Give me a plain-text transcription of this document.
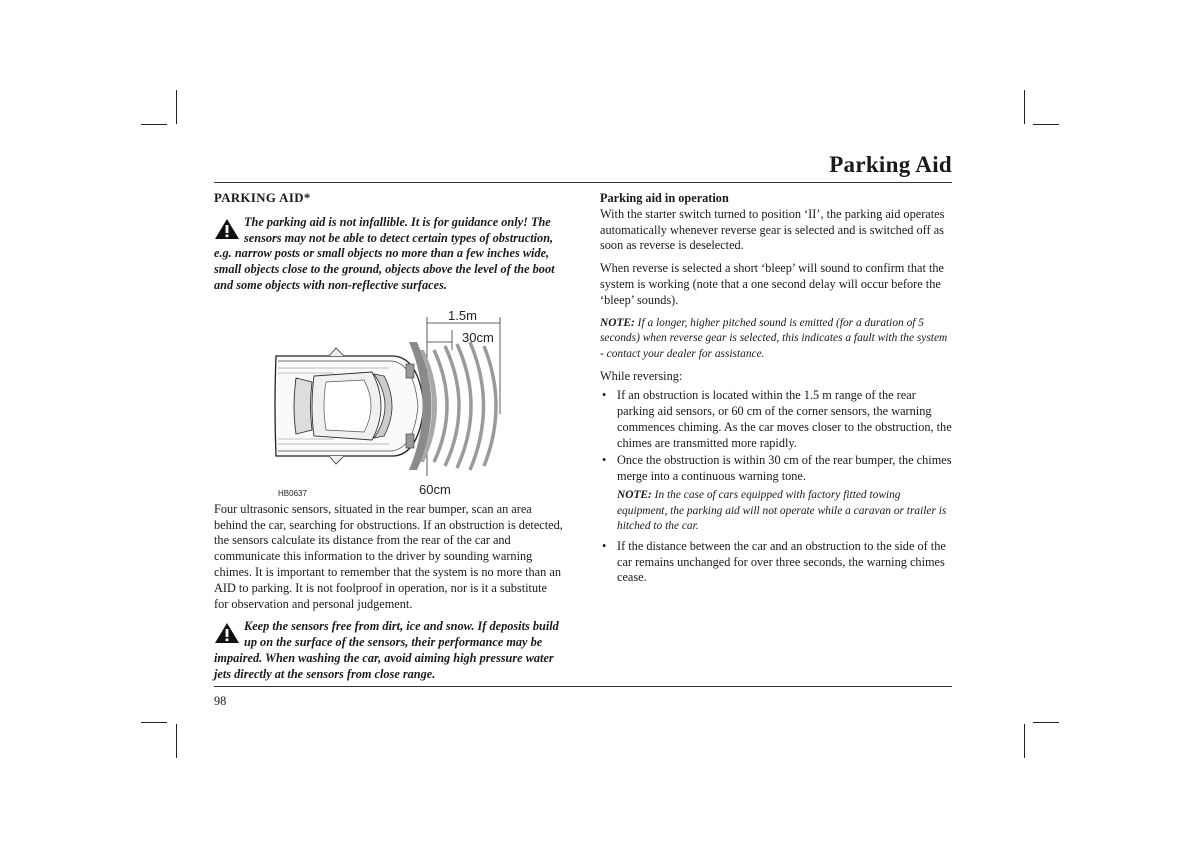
Parking Aid

PARKING AID*

The parking aid is not infallible. It is for guidance only! The sensors may not be able to detect certain types of obstruction, e.g. narrow posts or small objects no more than a few inches wide, small objects close to the ground, objects above the level of the boot and some objects with non-reflective surfaces.

1.5m
30cm
60cm
HB0637

Four ultrasonic sensors, situated in the rear bumper, scan an area behind the car, searching for obstructions. If an obstruction is detected, the sensors calculate its distance from the rear of the car and communicate this information to the driver by sounding warning chimes. It is important to remember that the system is no more than an AID to parking. It is not foolproof in operation, nor is it a substitute for observation and personal judgement.

Keep the sensors free from dirt, ice and snow. If deposits build up on the surface of the sensors, their performance may be impaired. When washing the car, avoid aiming high pressure water jets directly at the sensors from close range.

Parking aid in operation

With the starter switch turned to position ‘II’, the parking aid operates automatically whenever reverse gear is selected and is switched off as soon as reverse is deselected.

When reverse is selected a short ‘bleep’ will sound to confirm that the system is working (note that a one second delay will occur before the ‘bleep’ sounds).

NOTE: If a longer, higher pitched sound is emitted (for a duration of 5 seconds) when reverse gear is selected, this indicates a fault with the system - contact your dealer for assistance.

While reversing:

• If an obstruction is located within the 1.5 m range of the rear parking aid sensors, or 60 cm of the corner sensors, the warning commences chiming. As the car moves closer to the obstruction, the chimes are transmitted more rapidly.
• Once the obstruction is within 30 cm of the rear bumper, the chimes merge into a continuous warning tone.

NOTE: In the case of cars equipped with factory fitted towing equipment, the parking aid will not operate while a caravan or trailer is hitched to the car.

• If the distance between the car and an obstruction to the side of the car remains unchanged for over three seconds, the warning chimes cease.
98
